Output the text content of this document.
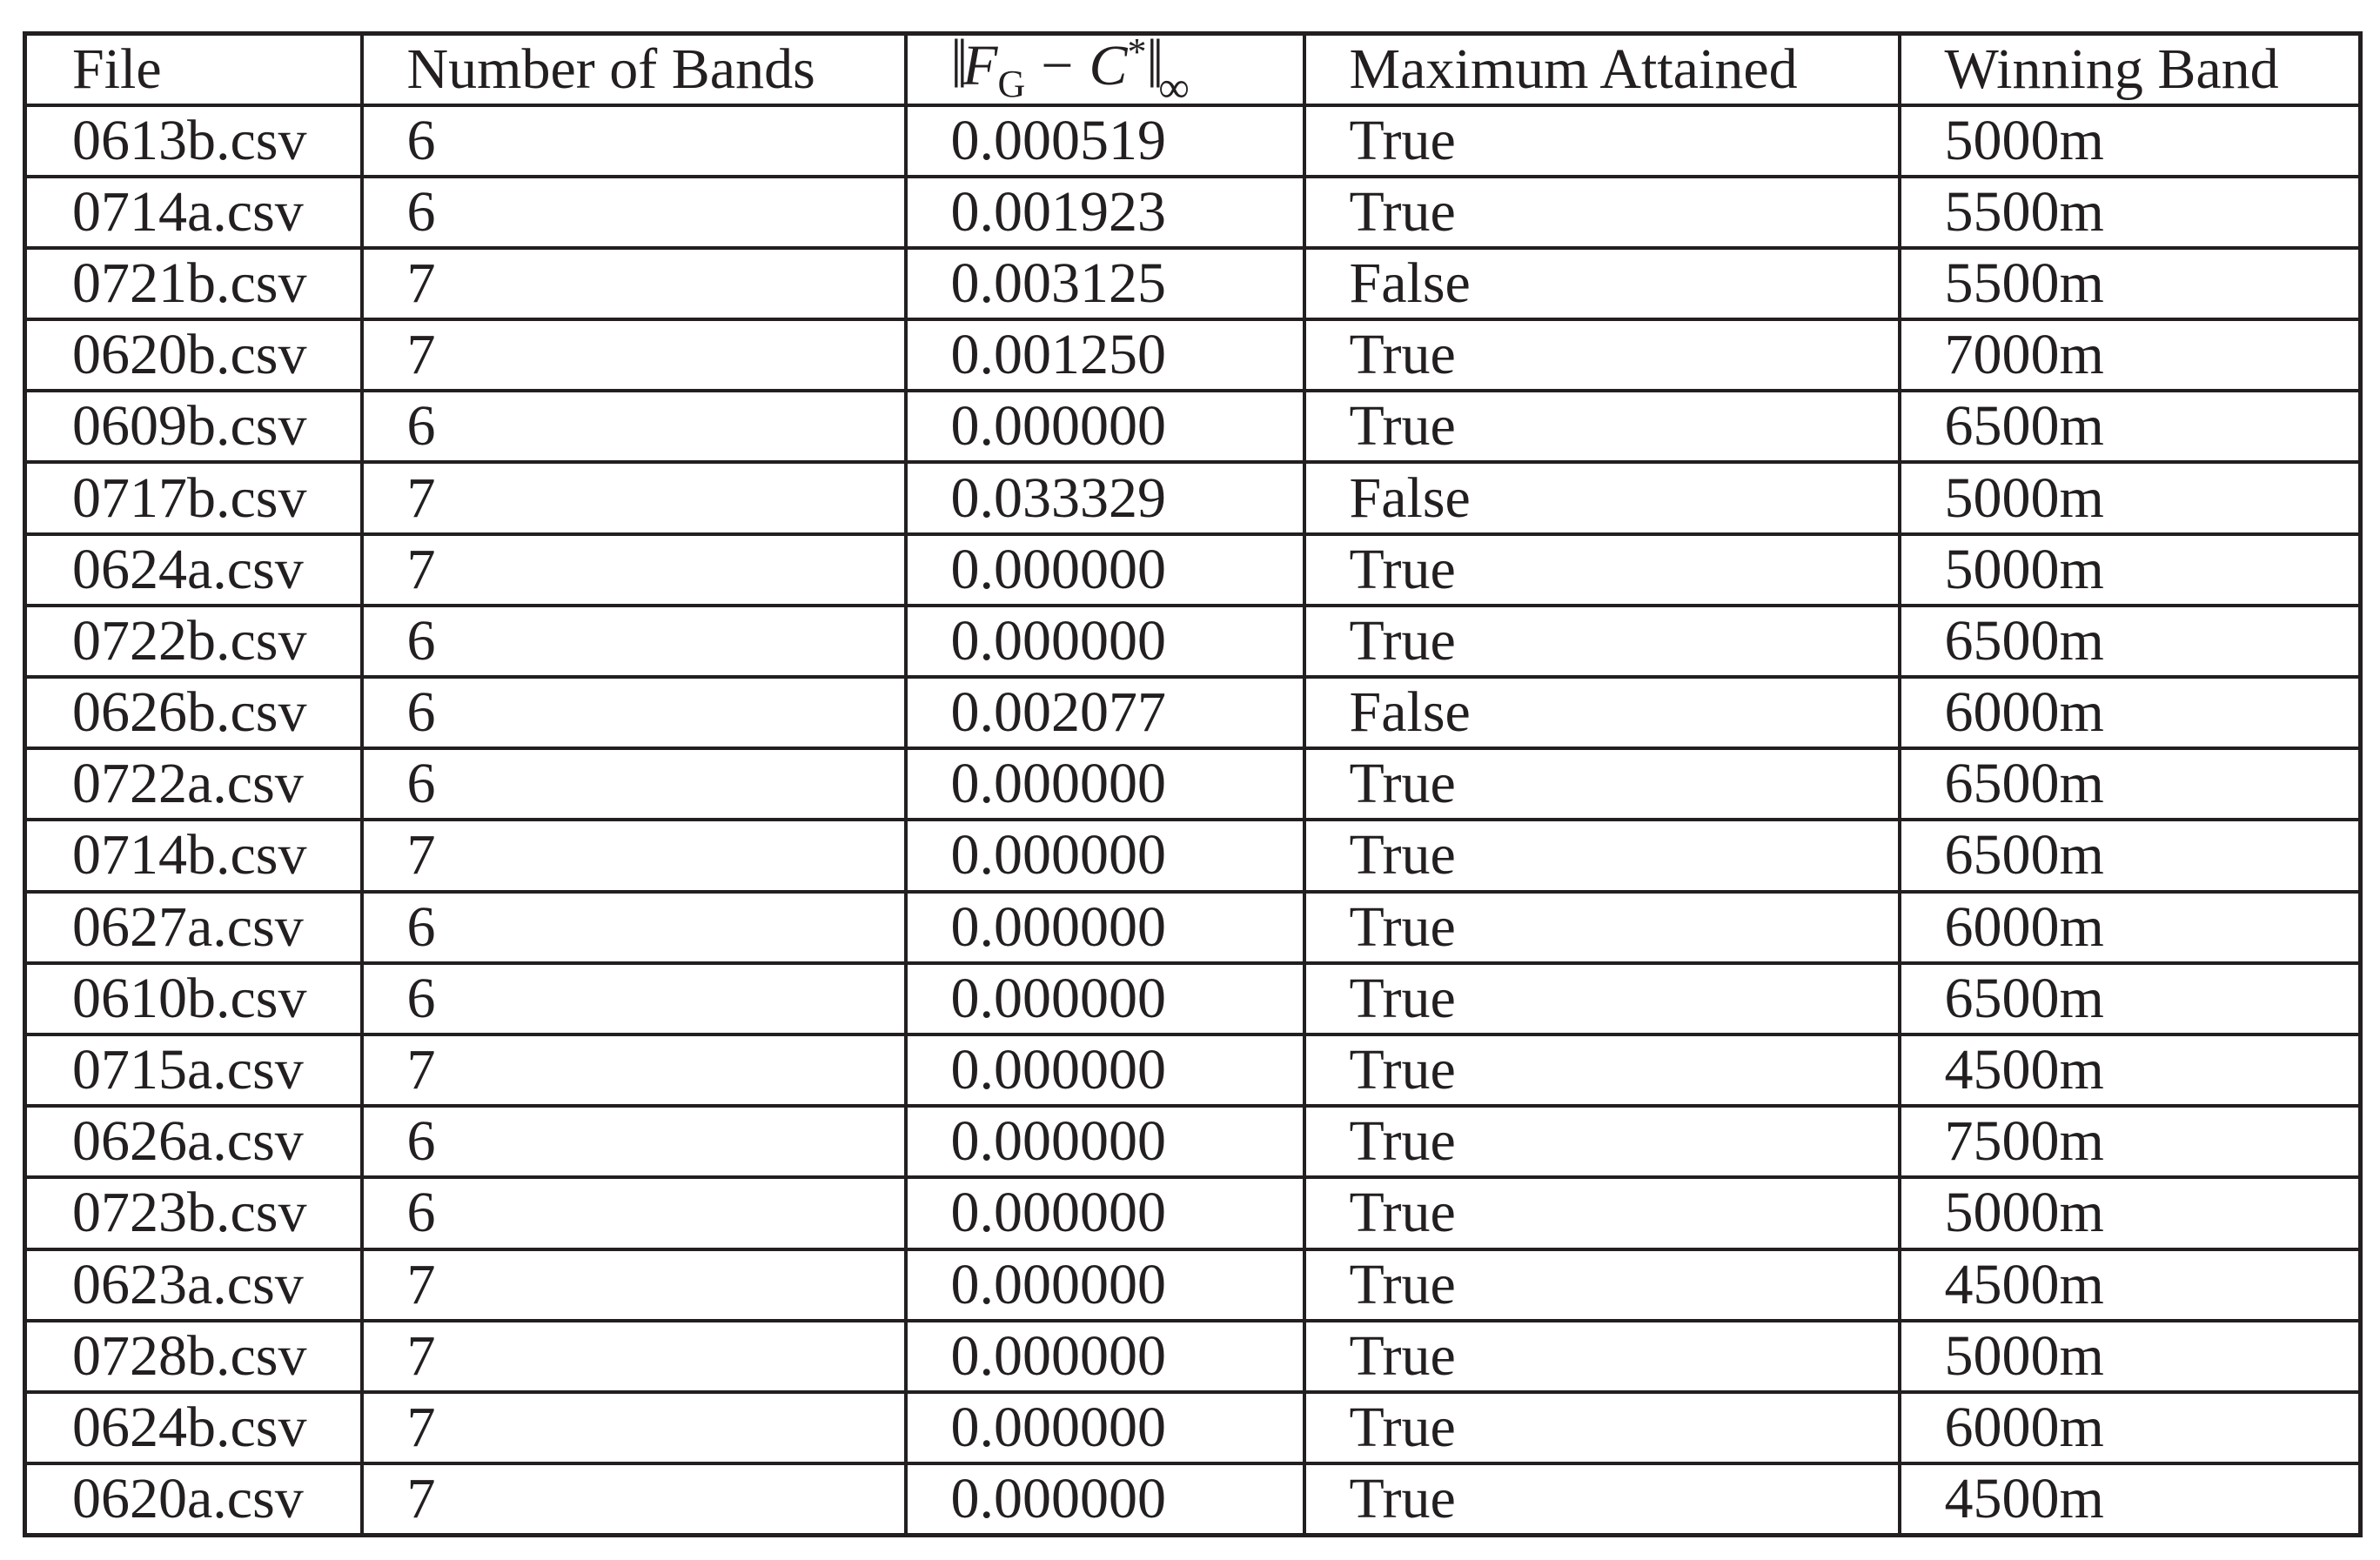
File	Number of Bands	$‖F_G$ − $C^*‖_\infty$	Maximum Attained	Winning Band
0613b.csv	6	0.000519	True	5000m
0714a.csv	6	0.001923	True	5500m
0721b.csv	7	0.003125	False	5500m
0620b.csv	7	0.001250	True	7000m
0609b.csv	6	0.000000	True	6500m
0717b.csv	7	0.033329	False	5000m
0624a.csv	7	0.000000	True	5000m
0722b.csv	6	0.000000	True	6500m
0626b.csv	6	0.002077	False	6000m
0722a.csv	6	0.000000	True	6500m
0714b.csv	7	0.000000	True	6500m
0627a.csv	6	0.000000	True	6000m
0610b.csv	6	0.000000	True	6500m
0715a.csv	7	0.000000	True	4500m
0626a.csv	6	0.000000	True	7500m
0723b.csv	6	0.000000	True	5000m
0623a.csv	7	0.000000	True	4500m
0728b.csv	7	0.000000	True	5000m
0624b.csv	7	0.000000	True	6000m
0620a.csv	7	0.000000	True	4500m
